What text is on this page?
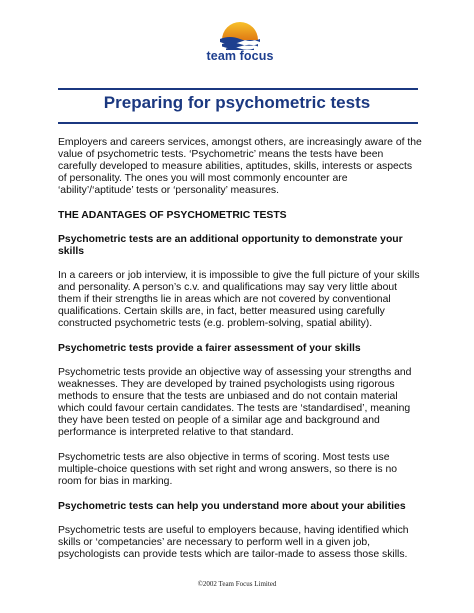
team focus
Preparing for psychometric tests

Employers and careers services, amongst others, are increasingly aware of the value of psychometric tests. ‘Psychometric’ means the tests have been carefully developed to measure abilities, aptitudes, skills, interests or aspects of personality. The ones you will most commonly encounter are ‘ability’/‘aptitude’ tests or ‘personality’ measures.

THE ADANTAGES OF PSYCHOMETRIC TESTS

Psychometric tests are an additional opportunity to demonstrate your skills

In a careers or job interview, it is impossible to give the full picture of your skills and personality. A person’s c.v. and qualifications may say very little about them if their strengths lie in areas which are not covered by conventional qualifications. Certain skills are, in fact, better measured using carefully constructed psychometric tests (e.g. problem-solving, spatial ability).

Psychometric tests provide a fairer assessment of your skills

Psychometric tests provide an objective way of assessing your strengths and weaknesses. They are developed by trained psychologists using rigorous methods to ensure that the tests are unbiased and do not contain material which could favour certain candidates. The tests are ‘standardised’, meaning they have been tested on people of a similar age and background and performance is interpreted relative to that standard.

Psychometric tests are also objective in terms of scoring. Most tests use multiple-choice questions with set right and wrong answers, so there is no room for bias in marking.

Psychometric tests can help you understand more about your abilities

Psychometric tests are useful to employers because, having identified which skills or ‘competancies’ are necessary to perform well in a given job, psychologists can provide tests which are tailor-made to assess those skills.

©2002 Team Focus Limited
